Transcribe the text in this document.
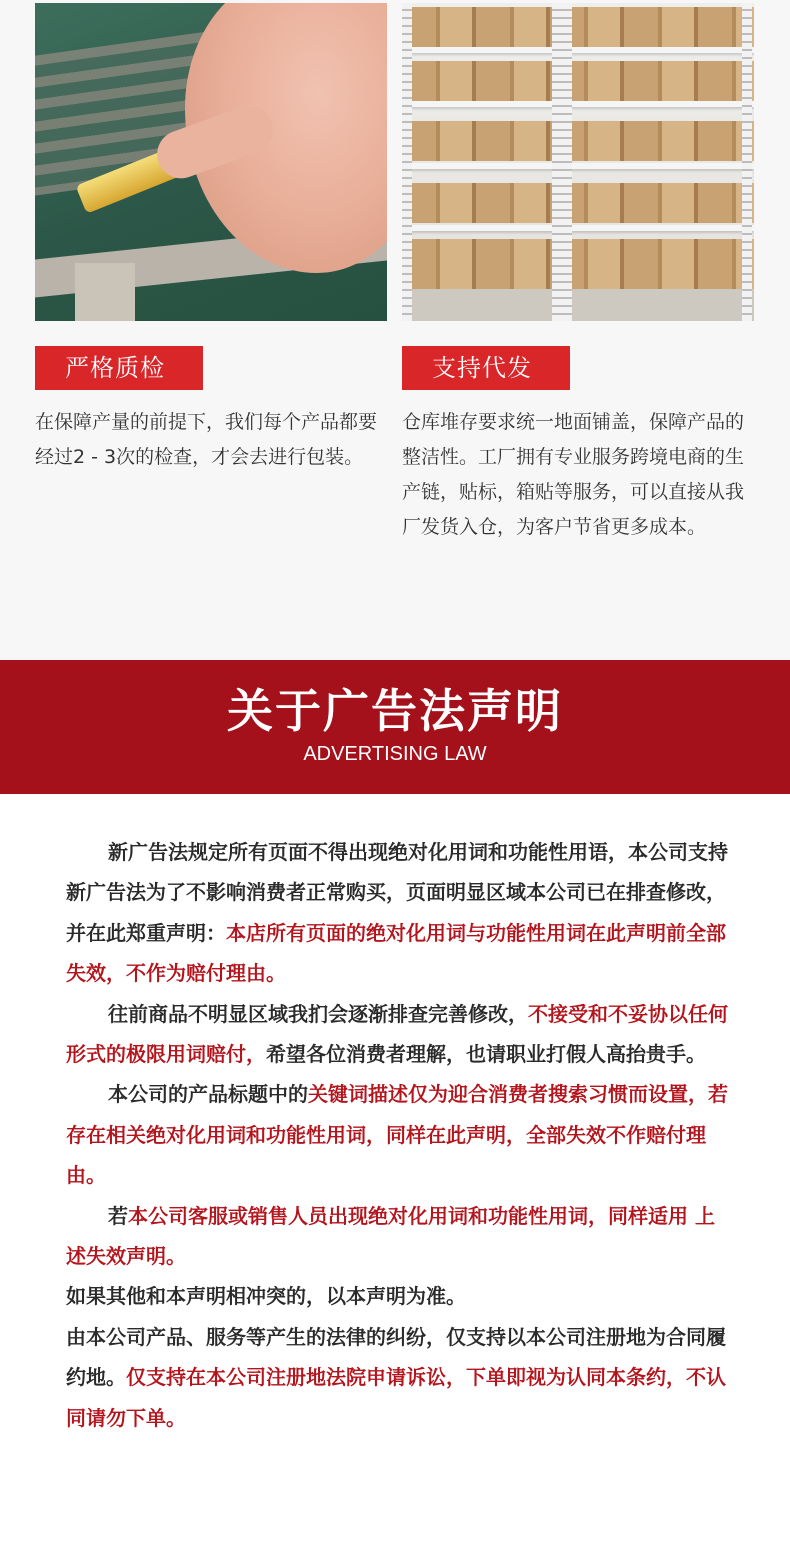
严格质检
在保障产量的前提下，我们每个产品都要经过2 - 3次的检查，才会去进行包装。
支持代发
仓库堆存要求统一地面铺盖，保障产品的整洁性。工厂拥有专业服务跨境电商的生产链，贴标，箱贴等服务，可以直接从我厂发货入仓，为客户节省更多成本。
关于广告法声明
ADVERTISING LAW

新广告法规定所有页面不得出现绝对化用词和功能性用语，本公司支持新广告法为了不影响消费者正常购买，页面明显区域本公司已在排查修改，并在此郑重声明：本店所有页面的绝对化用词与功能性用词在此声明前全部失效，不作为赔付理由。

往前商品不明显区域我扪会逐渐排查完善修改，不接受和不妥协以任何形式的极限用词赔付，希望各位消费者理解，也请职业打假人高抬贵手。

本公司的产品标题中的关键词描述仅为迎合消费者搜索习惯而设置，若存在相关绝对化用词和功能性用词，同样在此声明，全部失效不作赔付理由。

若本公司客服或销售人员出现绝对化用词和功能性用词，同样适用 上述失效声明。

如果其他和本声明相冲突的，以本声明为准。

由本公司产品、服务等产生的法律的纠纷，仅支持以本公司注册地为合同履约地。仅支持在本公司注册地法院申请诉讼，下单即视为认同本条约，不认同请勿下单。
